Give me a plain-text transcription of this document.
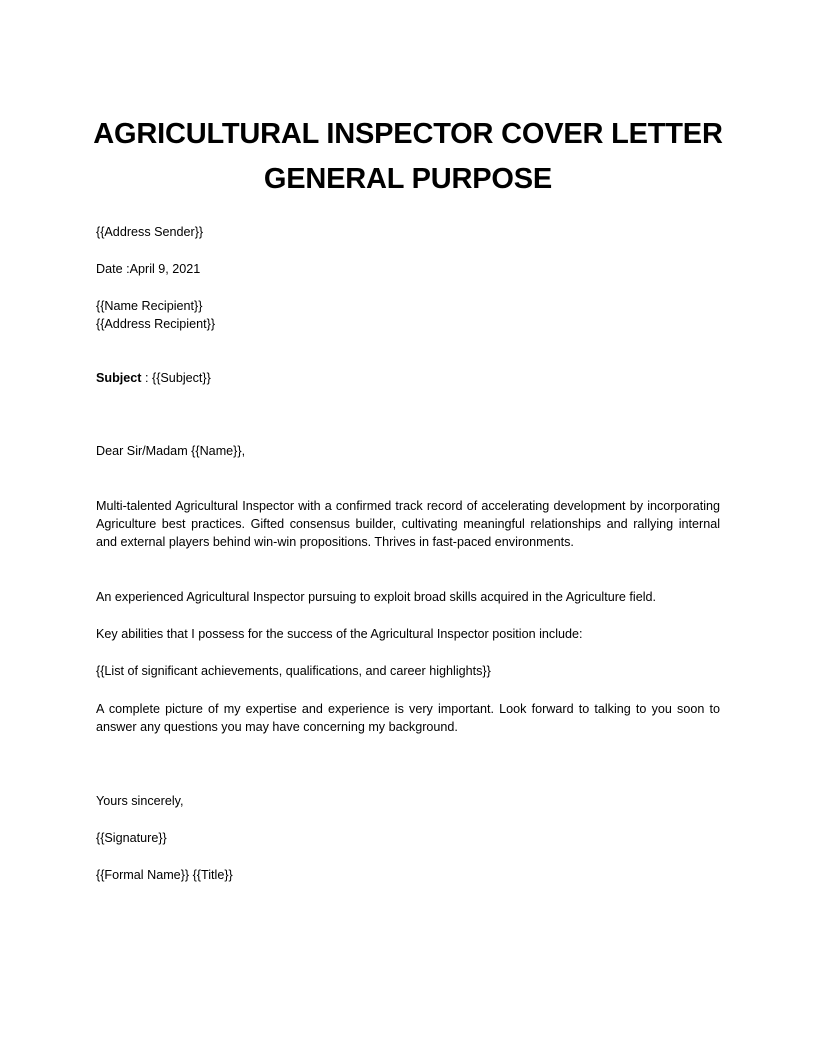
AGRICULTURAL INSPECTOR COVER LETTER
GENERAL PURPOSE
{{Address Sender}}
Date :April 9, 2021
{{Name Recipient}}
{{Address Recipient}}
Subject : {{Subject}}
Dear Sir/Madam {{Name}},
Multi-talented Agricultural Inspector with a confirmed track record of accelerating development by incorporating Agriculture best practices. Gifted consensus builder, cultivating meaningful relationships and rallying internal and external players behind win-win propositions. Thrives in fast-paced environments.
An experienced Agricultural Inspector pursuing to exploit broad skills acquired in the Agriculture field.
Key abilities that I possess for the success of the Agricultural Inspector position include:
{{List of significant achievements, qualifications, and career highlights}}
A complete picture of my expertise and experience is very important. Look forward to talking to you soon to answer any questions you may have concerning my background.
Yours sincerely,
{{Signature}}
{{Formal Name}} {{Title}}
